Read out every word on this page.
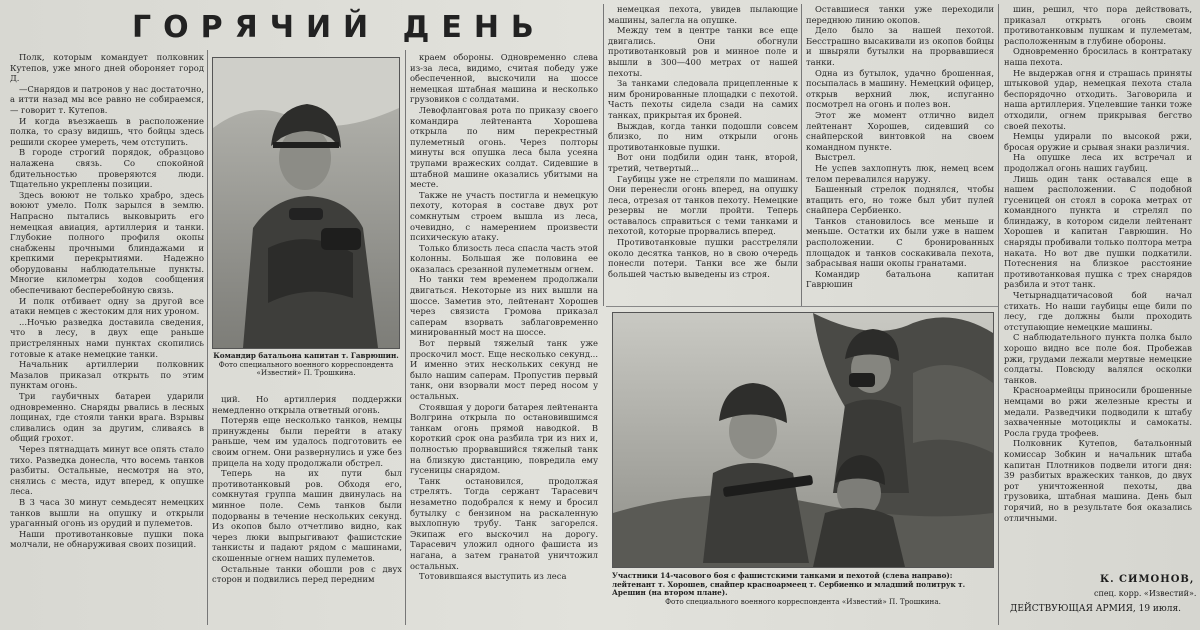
ГОРЯЧИЙ ДЕНЬ

Полк, которым командует полковник Кутепов, уже много дней обороняет город Д.

—Снарядов и патронов у нас достаточно, а итти назад мы все равно не собираемся, — говорит т. Кутепов.

И когда въезжаешь в расположение полка, то сразу видишь, что бойцы здесь решили скорее умереть, чем отступить.

В городе строгий порядок, образцово налажена связь. Со спокойной бдительностью проверяются люди. Тщательно укреплены позиции.

Здесь воюют не только храбро, здесь воюют умело. Полк зарылся в землю. Напрасно пытались выковырить его немецкая авиация, артиллерия и танки. Глубокие полного профиля окопы снабжены прочными блиндажами и крепкими перекрытиями. Надежно оборудованы наблюдательные пункты. Многие километры ходов сообщения обеспечивают бесперебойную связь.

И полк отбивает одну за другой все атаки немцев с жестоким для них уроном.

...Ночью разведка доставила сведения, что в лесу, в двух еще раньше пристрелянных нами пунктах скопились готовые к атаке немецкие танки.

Начальник артиллерии полковник Мазалов приказал открыть по этим пунктам огонь.

Три гаубичных батареи ударили одновременно. Снаряды рвались в лесных лощинах, где стояли танки врага. Взрывы сливались один за другим, сливаясь в общий грохот.

Через пятнадцать минут все опять стало тихо. Разведка донесла, что восемь танков разбиты. Остальные, несмотря на это, снялись с места, идут вперед, к опушке леса.

В 3 часа 30 минут семьдесят немецких танков вышли на опушку и открыли ураганный огонь из орудий и пулеметов.

Наши противотанковые пушки пока молчали, не обнаруживая своих позиций.

Командир батальона капитан т. Гаврюшин.
Фото специального военного корреспондента «Известий» П. Трошкина.

ций. Но артиллерия поддержки немедленно открыла ответный огонь.

Потеряв еще несколько танков, немцы принуждены были перейти в атаку раньше, чем им удалось подготовить ее своим огнем. Они развернулись и уже без прицела на ходу продолжали обстрел.

Теперь на их пути был противотанковый ров. Обходя его, сомкнутая группа машин двинулась на минное поле. Семь танков были подорваны в течение нескольких секунд. Из окопов было отчетливо видно, как через люки выпрыгивают фашистские танкисты и падают рядом с машинами, скошенные огнем наших пулеметов.

Остальные танки обошли ров с двух сторон и подвились перед передним

краем обороны. Одновременно слева из-за леса, видимо, считая победу уже обеспеченной, выскочили на шоссе немецкая штабная машина и несколько грузовиков с солдатами.

Левофланговая рота по приказу своего командира лейтенанта Хорошева открыла по ним перекрестный пулеметный огонь. Через полторы минуты вся опушка леса была усеяна трупами вражеских солдат. Сидевшие в штабной машине оказались убитыми на месте.

Также не участь постигла и немецкую пехоту, которая в составе двух рот сомкнутым строем вышла из леса, очевидно, с намерением произвести психическую атаку.

Только близость леса спасла часть этой колонны. Большая же половина ее оказалась срезанной пулеметным огнем.

Но танки тем временем продолжали двигаться. Некоторые из них вышли на шоссе. Заметив это, лейтенант Хорошев через связиста Громова приказал саперам взорвать заблаговременно минированный мост на шоссе.

Вот первый тяжелый танк уже проскочил мост. Еще несколько секунд... И именно этих нескольких секунд не было нашим саперам. Пропустив первый танк, они взорвали мост перед носом у остальных.

Стоявшая у дороги батарея лейтенанта Волгрина открыла по остановившимся танкам огонь прямой наводкой. В короткий срок она разбила три из них и, полностью прорвавшийся тяжелый танк на близкую дистанцию, повредила ему гусеницы снарядом.

Танк остановился, продолжая стрелять. Тогда сержант Тарасевич незаметно подобрался к нему и бросил бутылку с бензином на раскаленную выхлопную трубу. Танк загорелся. Экипаж его выскочил на дорогу. Тарасевич уложил одного фашиста из нагана, а затем гранатой уничтожил остальных.

Тотовившаяся выступить из леса

немецкая пехота, увидев пылающие машины, залегла на опушке.

Между тем в центре танки все еще двигались. Они обогнули противотанковый ров и минное поле и вышли в 300—400 метрах от нашей пехоты.

За танками следовала прицепленные к ним бронированные площадки с пехотой. Часть пехоты сидела сзади на самих танках, прикрытая их броней.

Выждав, когда танки подошли совсем близко, по ним открыли огонь противотанковые пушки.

Вот они подбили один танк, второй, третий, четвертый...

Гаубицы уже не стреляли по машинам. Они перенесли огонь вперед, на опушку леса, отрезая от танков пехоту. Немецкие резервы не могли пройти. Теперь оставалось справиться с теми танками и пехотой, которые прорвались вперед.

Противотанковые пушки расстреляли около десятка танков, но в свою очередь понесли потери. Танки все же были большей частью выведены из строя.

Оставшиеся танки уже переходили переднюю линию окопов.

Дело было за нашей пехотой. Бесстрашно высакивали из окопов бойцы и швыряли бутылки на прорвавшиеся танки.

Одна из бутылок, удачно брошенная, посыпалась в машину. Немецкий офицер, открыв верхний люк, испуганно посмотрел на огонь и полез вон.

Этот же момент отлично видел лейтенант Хорошев, сидевший со снайперской винтовкой на своем командном пункте.

Выстрел.

Не успев захлопнуть люк, немец всем телом перевалился наружу.

Башенный стрелок поднялся, чтобы втащить его, но тоже был убит пулей снайпера Сербиенко.

Танков становилось все меньше и меньше. Остатки их были уже в нашем расположении. С бронированных площадок и танков соскакивала пехота, забрасывая наши окопы гранатами.

Командир батальона капитан Гаврюшин

Участники 14-часового боя с фашистскими танками и пехотой (слева направо): лейтенант т. Хорошев, снайпер красноармеец т. Сербиенко и младший политрук т. Арешин (на втором плане).
Фото специального военного корреспондента «Известий» П. Трошкина.

шин, решил, что пора действовать, приказал открыть огонь своим противотанковым пушкам и пулеметам, расположенным в глубине обороны.

Одновременно бросилась в контратаку наша пехота.

Не выдержав огня и страшась приняты штыковой удар, немецкая пехота стала беспорядочно отходить. Заговорила и наша артиллерия. Уцелевшие танки тоже отходили, огнем прикрывая бегство своей пехоты.

Немцы удирали по высокой ржи, бросая оружие и срывая знаки различия.

На опушке леса их встречал и продолжал огонь наших гаубиц.

Лишь один танк оставался еще в нашем расположении. С подобной гусеницей он стоял в сорока метрах от командного пункта и стрелял по блиндажу, в котором сидели лейтенант Хорошев и капитан Гаврюшин. Но снаряды пробивали только полтора метра наката. Но вот две пушки подкатили. Потеснения на близкое расстояние противотанковая пушка с трех снарядов разбила и этот танк.

Четырнадцатичасовой бой начал стихать. Но наши гаубицы еще били по лесу, где должны были проходить отступающие немецкие машины.

С наблюдательного пункта полка было хорошо видно все поле боя. Пробежав ржи, грудами лежали мертвые немецкие солдаты. Повсюду валялся осколки танков.

Красноармейцы приносили брошенные немцами во ржи железные кресты и медали. Разведчики подводили к штабу захваченные мотоциклы и самокаты. Росла груда трофеев.

Полковник Кутепов, батальонный комиссар Зобкин и начальник штаба капитан Плотников подвели итоги дня: 39 разбитых вражеских танков, до двух рот уничтоженной пехоты, два грузовика, штабная машина. День был горячий, но в результате боя оказались отличными.

К. СИМОНОВ,
спец. корр. «Известий».
ДЕЙСТВУЮЩАЯ АРМИЯ, 19 июля.
